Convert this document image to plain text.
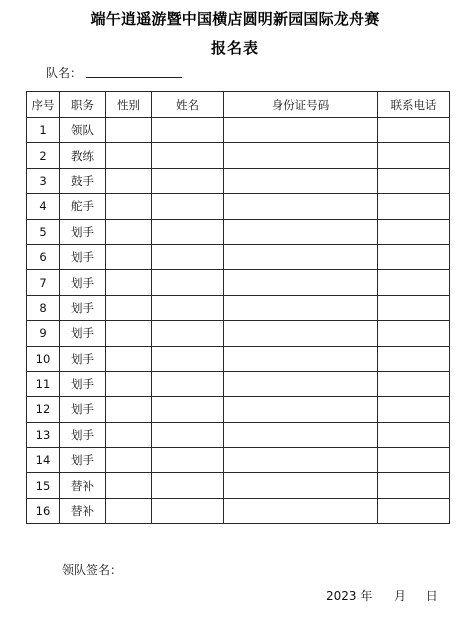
端午逍遥游暨中国横店圆明新园国际龙舟赛
报名表
队名：
序号	职务	性别	姓名	身份证号码	联系电话
1	领队				
2	教练				
3	鼓手				
4	舵手				
5	划手				
6	划手				
7	划手				
8	划手				
9	划手				
10	划手				
11	划手				
12	划手				
13	划手				
14	划手				
15	替补				
16	替补				
领队签名：
2023 年 月 日
